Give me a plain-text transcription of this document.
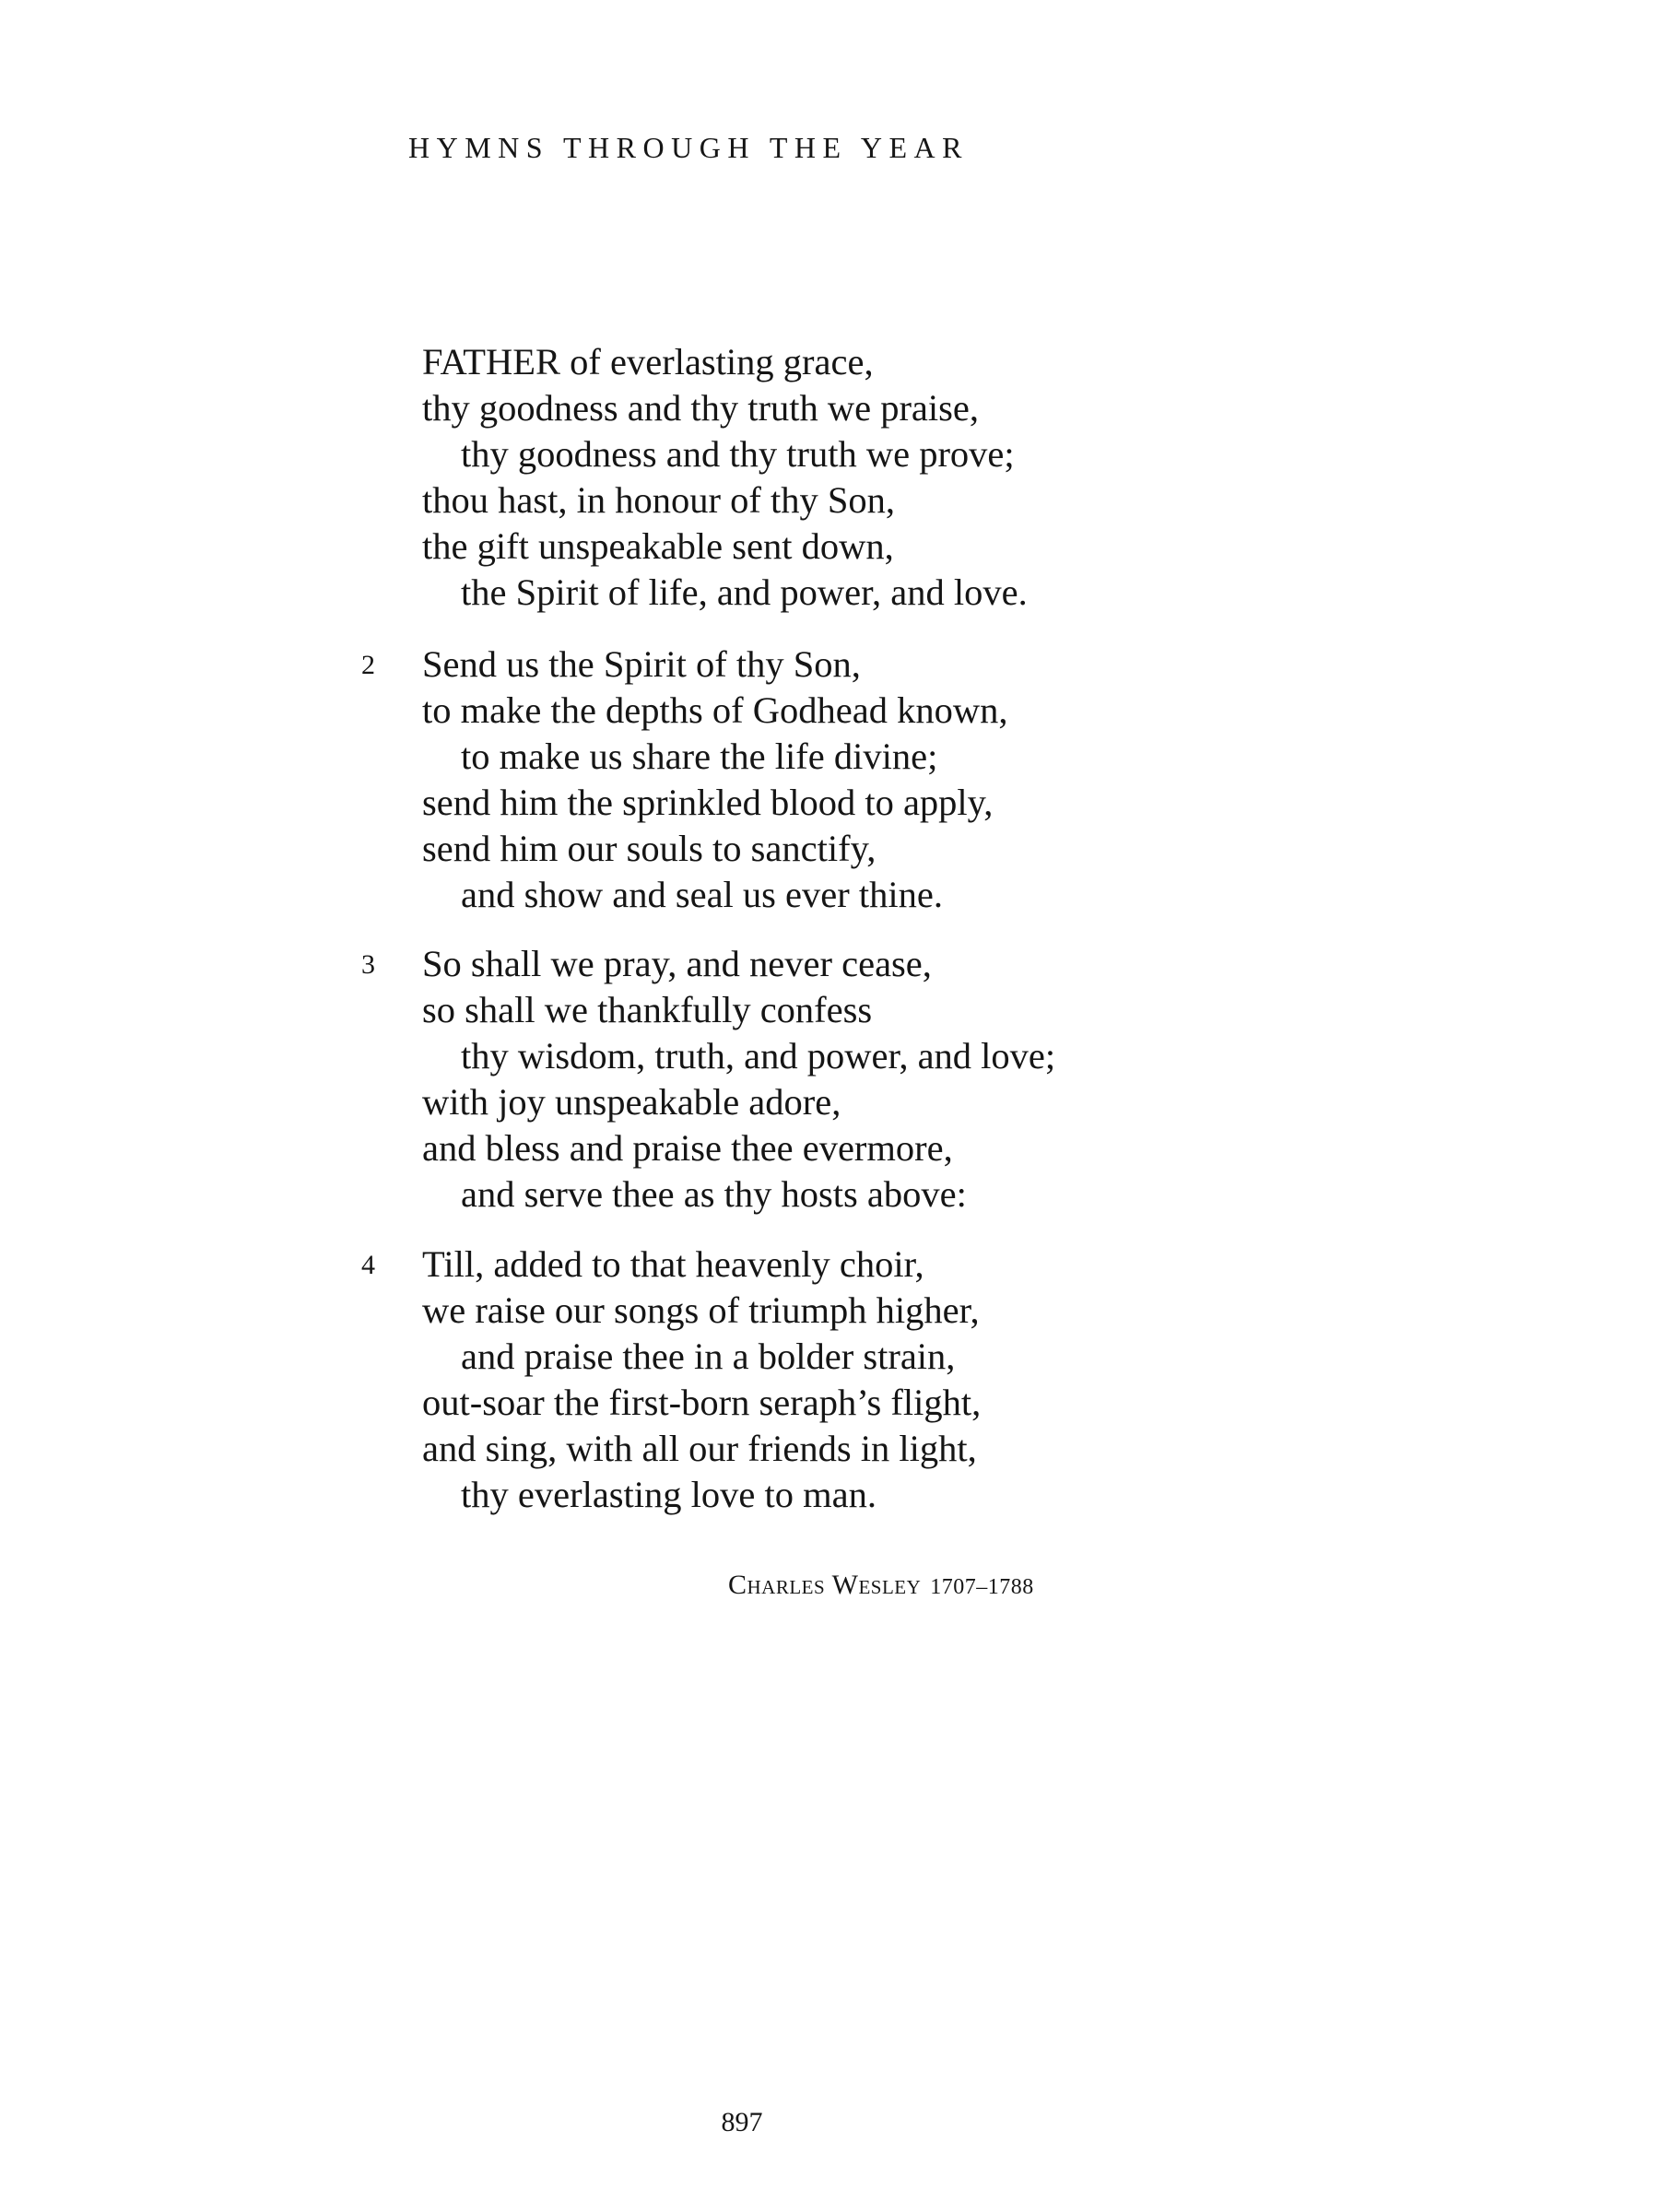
HYMNS THROUGH THE YEAR
FATHER of everlasting grace,
thy goodness and thy truth we praise,
thy goodness and thy truth we prove;
thou hast, in honour of thy Son,
the gift unspeakable sent down,
the Spirit of life, and power, and love.
2 Send us the Spirit of thy Son,
to make the depths of Godhead known,
to make us share the life divine;
send him the sprinkled blood to apply,
send him our souls to sanctify,
and show and seal us ever thine.
3 So shall we pray, and never cease,
so shall we thankfully confess
thy wisdom, truth, and power, and love;
with joy unspeakable adore,
and bless and praise thee evermore,
and serve thee as thy hosts above:
4 Till, added to that heavenly choir,
we raise our songs of triumph higher,
and praise thee in a bolder strain,
out-soar the first-born seraph’s flight,
and sing, with all our friends in light,
thy everlasting love to man.
Charles Wesley 1707–1788
897
